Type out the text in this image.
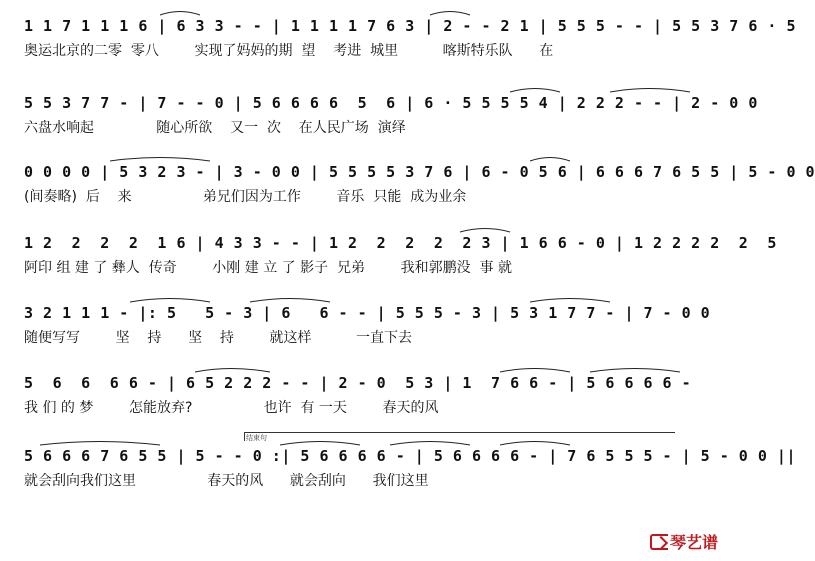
1 1 7 1 1 1 6 | 6 3 3 - - | 1 1 1 1 7 6 3 | 2 - - 2 1 | 5 5 5 - - | 5 5 3 7 6 · 5
奥运北京的二零  零八        实现了妈妈的期  望    考进  城里          喀斯特乐队      在
5 5 3 7 7 - | 7 - - 0 | 5 6 6 6 6  5  6 | 6 · 5 5 5 5 4 | 2 2 2 - - | 2 - 0 0
六盘水响起              随心所欲    又一  次    在人民广场  演绎
0 0 0 0 | 5 3 2 3 - | 3 - 0 0 | 5 5 5 5 3 7 6 | 6 - 0 5 6 | 6 6 6 7 6 5 5 | 5 - 0 0
(间奏略)  后    来                弟兄们因为工作        音乐  只能  成为业余
1 2  2  2  2  1 6 | 4 3 3 - - | 1 2  2  2  2  2 3 | 1 6 6 - 0 | 1 2 2 2 2  2  5
阿印 组 建 了 彝人  传奇        小刚 建 立 了 影子  兄弟        我和郭鹏没  事 就
3 2 1 1 1 - |: 5   5 - 3 | 6   6 - - | 5 5 5 - 3 | 5 3 1 7 7 - | 7 - 0 0
随便写写        坚    持      坚    持        就这样          一直下去
5  6  6  6 6 - | 6 5 2 2 2 - - | 2 - 0  5 3 | 1  7 6 6 - | 5 6 6 6 6 -
我 们 的 梦        怎能放弃?                也许  有 一天        春天的风
结束句
5 6 6 6 7 6 5 5 | 5 - - 0 :| 5 6 6 6 6 - | 5 6 6 6 6 - | 7 6 5 5 5 - | 5 - 0 0 ||
就会刮向我们这里                春天的风      就会刮向      我们这里
琴艺谱
